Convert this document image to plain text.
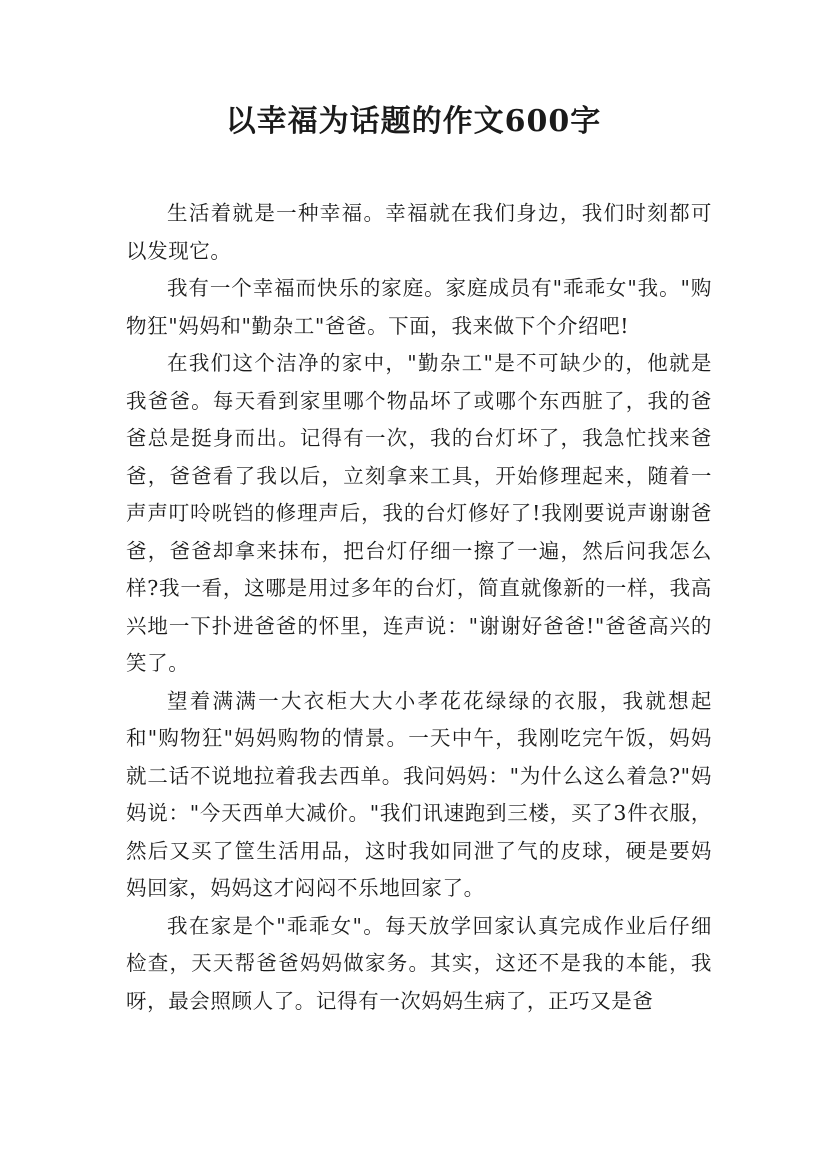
以幸福为话题的作文600字

生活着就是一种幸福。幸福就在我们身边，我们时刻都可以发现它。

我有一个幸福而快乐的家庭。家庭成员有"乖乖女"我。"购物狂"妈妈和"勤杂工"爸爸。下面，我来做下个介绍吧!

在我们这个洁净的家中，"勤杂工"是不可缺少的，他就是我爸爸。每天看到家里哪个物品坏了或哪个东西脏了，我的爸爸总是挺身而出。记得有一次，我的台灯坏了，我急忙找来爸爸，爸爸看了我以后，立刻拿来工具，开始修理起来，随着一声声叮呤咣铛的修理声后，我的台灯修好了!我刚要说声谢谢爸爸，爸爸却拿来抹布，把台灯仔细一擦了一遍，然后问我怎么样?我一看，这哪是用过多年的台灯，简直就像新的一样，我高兴地一下扑进爸爸的怀里，连声说："谢谢好爸爸!"爸爸高兴的笑了。

望着满满一大衣柜大大小孝花花绿绿的衣服，我就想起和"购物狂"妈妈购物的情景。一天中午，我刚吃完午饭，妈妈就二话不说地拉着我去西单。我问妈妈："为什么这么着急?"妈妈说："今天西单大减价。"我们讯速跑到三楼，买了3件衣服，然后又买了筐生活用品，这时我如同泄了气的皮球，硬是要妈妈回家，妈妈这才闷闷不乐地回家了。

我在家是个"乖乖女"。每天放学回家认真完成作业后仔细检查，天天帮爸爸妈妈做家务。其实，这还不是我的本能，我呀，最会照顾人了。记得有一次妈妈生病了，正巧又是爸
